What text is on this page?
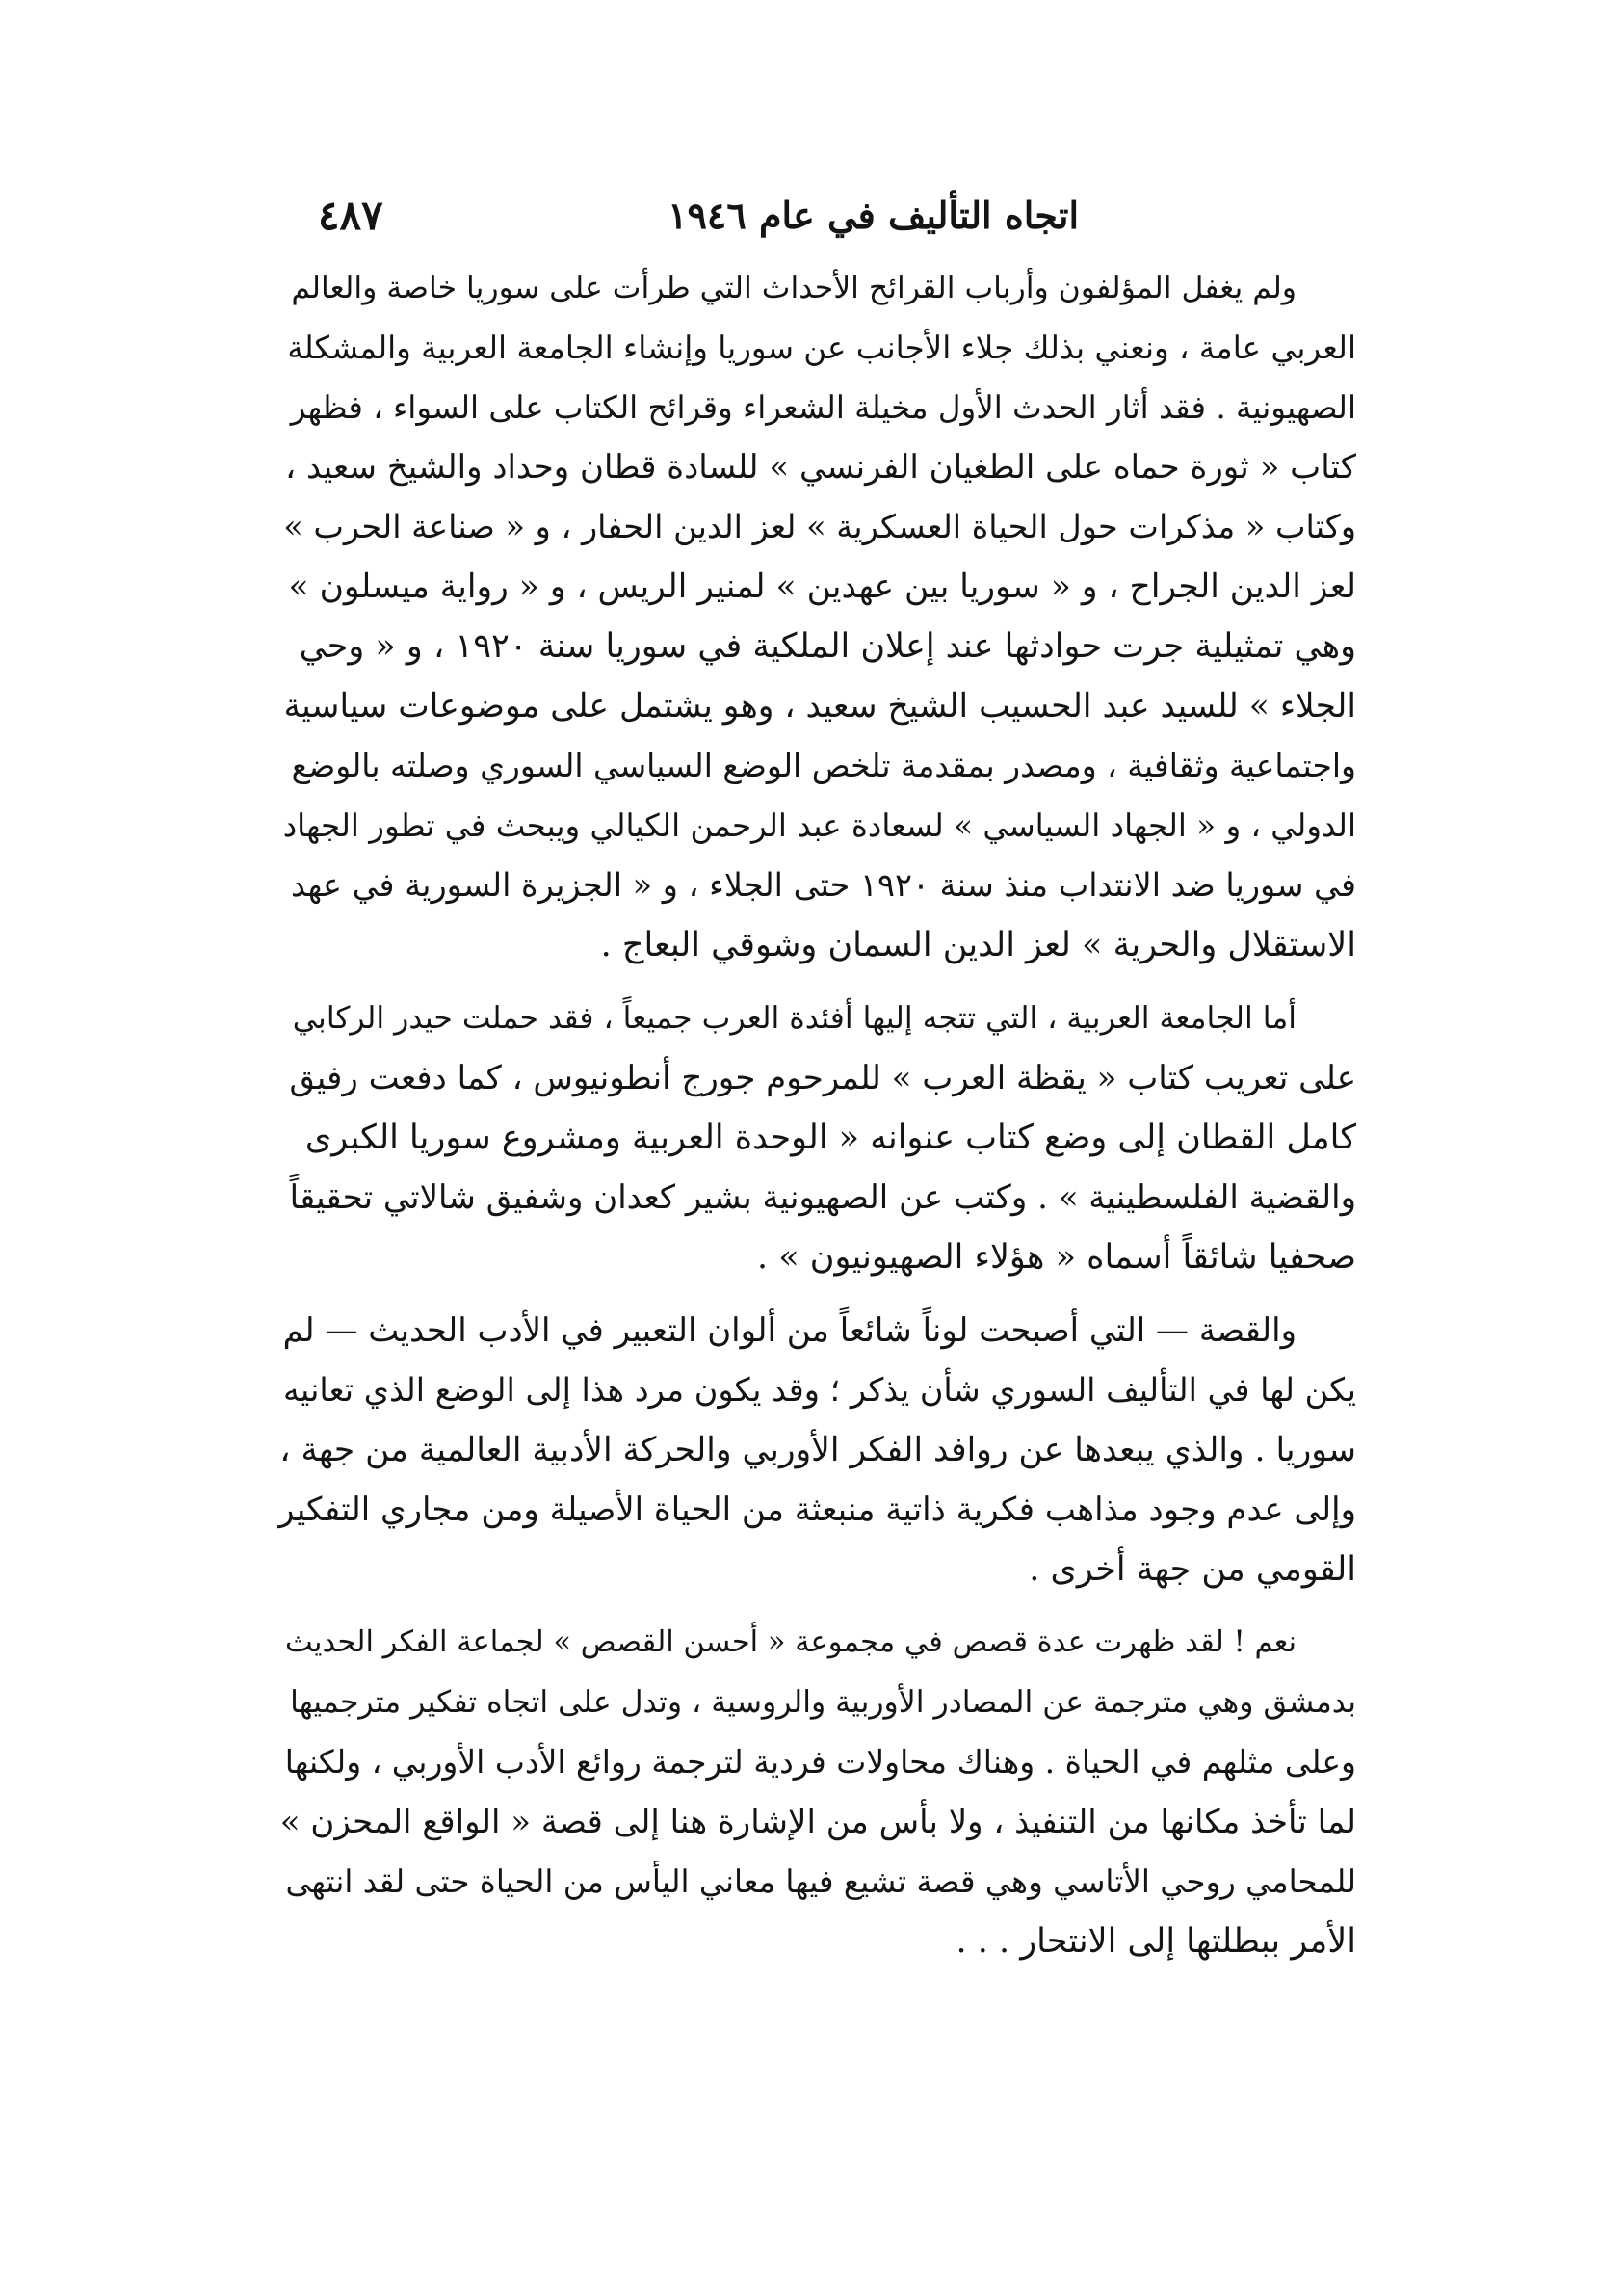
٤٨٧	اتجاه التأليف في عام ١٩٤٦
ولم يغفل المؤلفون وأرباب القرائح الأحداث التي طرأت على سوريا خاصة والعالم
العربي عامة ، ونعني بذلك جلاء الأجانب عن سوريا وإنشاء الجامعة العربية والمشكلة
الصهيونية . فقد أثار الحدث الأول مخيلة الشعراء وقرائح الكتاب على السواء ، فظهر
كتاب « ثورة حماه على الطغيان الفرنسي » للسادة قطان وحداد والشيخ سعيد ،
وكتاب « مذكرات حول الحياة العسكرية » لعز الدين الحفار ، و « صناعة الحرب »
لعز الدين الجراح ، و « سوريا بين عهدين » لمنير الريس ، و « رواية ميسلون »
وهي تمثيلية جرت حوادثها عند إعلان الملكية في سوريا سنة ١٩٢٠ ، و « وحي
الجلاء » للسيد عبد الحسيب الشيخ سعيد ، وهو يشتمل على موضوعات سياسية
واجتماعية وثقافية ، ومصدر بمقدمة تلخص الوضع السياسي السوري وصلته بالوضع
الدولي ، و « الجهاد السياسي » لسعادة عبد الرحمن الكيالي ويبحث في تطور الجهاد
في سوريا ضد الانتداب منذ سنة ١٩٢٠ حتى الجلاء ، و « الجزيرة السورية في عهد
الاستقلال والحرية » لعز الدين السمان وشوقي البعاج .
أما الجامعة العربية ، التي تتجه إليها أفئدة العرب جميعاً ، فقد حملت حيدر الركابي
على تعريب كتاب « يقظة العرب » للمرحوم جورج أنطونيوس ، كما دفعت رفيق
كامل القطان إلى وضع كتاب عنوانه « الوحدة العربية ومشروع سوريا الكبرى
والقضية الفلسطينية » . وكتب عن الصهيونية بشير كعدان وشفيق شالاتي تحقيقاً
صحفيا شائقاً أسماه « هؤلاء الصهيونيون » .
والقصة — التي أصبحت لوناً شائعاً من ألوان التعبير في الأدب الحديث — لم
يكن لها في التأليف السوري شأن يذكر ؛ وقد يكون مرد هذا إلى الوضع الذي تعانيه
سوريا . والذي يبعدها عن روافد الفكر الأوربي والحركة الأدبية العالمية من جهة ،
وإلى عدم وجود مذاهب فكرية ذاتية منبعثة من الحياة الأصيلة ومن مجاري التفكير
القومي من جهة أخرى .
نعم ! لقد ظهرت عدة قصص في مجموعة « أحسن القصص » لجماعة الفكر الحديث
بدمشق وهي مترجمة عن المصادر الأوربية والروسية ، وتدل على اتجاه تفكير مترجميها
وعلى مثلهم في الحياة . وهناك محاولات فردية لترجمة روائع الأدب الأوربي ، ولكنها
لما تأخذ مكانها من التنفيذ ، ولا بأس من الإشارة هنا إلى قصة « الواقع المحزن »
للمحامي روحي الأتاسي وهي قصة تشيع فيها معاني اليأس من الحياة حتى لقد انتهى
الأمر ببطلتها إلى الانتحار . . .
